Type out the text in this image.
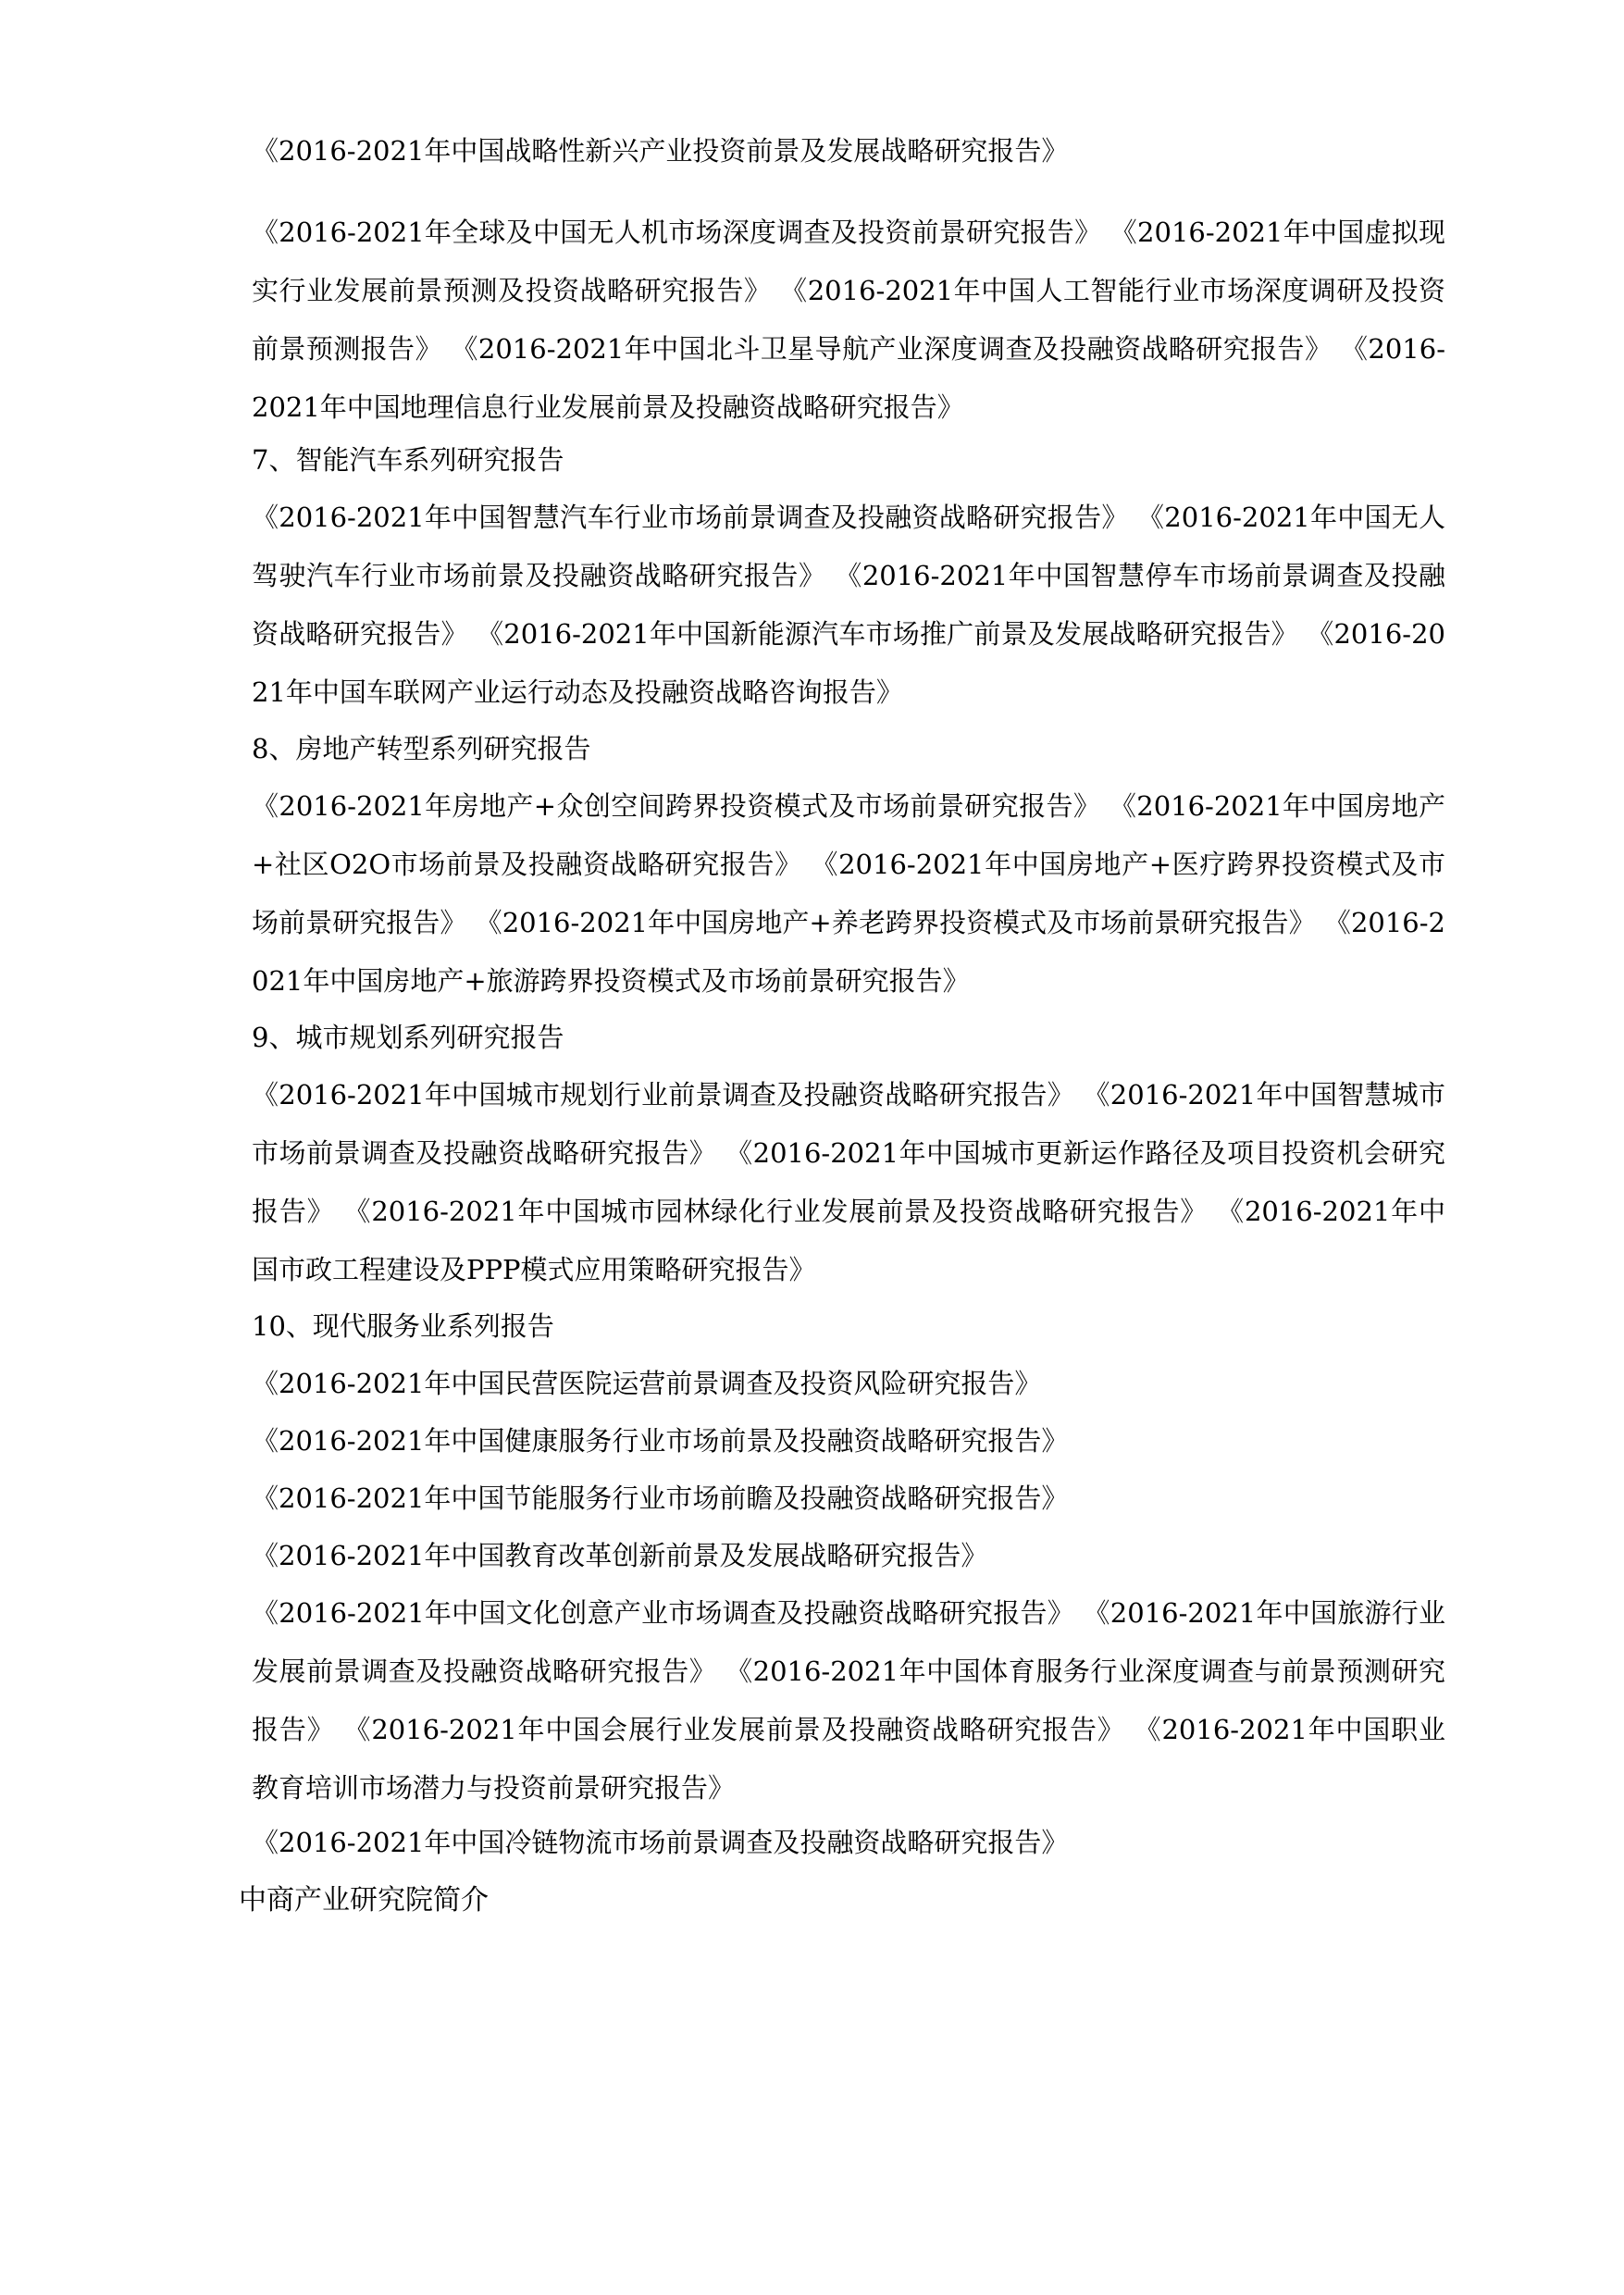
《2016-2021年中国战略性新兴产业投资前景及发展战略研究报告》

《2016-2021年全球及中国无人机市场深度调查及投资前景研究报告》 《2016-2021年中国虚拟现实行业发展前景预测及投资战略研究报告》 《2016-2021年中国人工智能行业市场深度调研及投资前景预测报告》 《2016-2021年中国北斗卫星导航产业深度调查及投融资战略研究报告》 《2016-2021年中国地理信息行业发展前景及投融资战略研究报告》

7、智能汽车系列研究报告

《2016-2021年中国智慧汽车行业市场前景调查及投融资战略研究报告》 《2016-2021年中国无人驾驶汽车行业市场前景及投融资战略研究报告》 《2016-2021年中国智慧停车市场前景调查及投融资战略研究报告》 《2016-2021年中国新能源汽车市场推广前景及发展战略研究报告》 《2016-2021年中国车联网产业运行动态及投融资战略咨询报告》

8、房地产转型系列研究报告

《2016-2021年房地产+众创空间跨界投资模式及市场前景研究报告》 《2016-2021年中国房地产+社区O2O市场前景及投融资战略研究报告》 《2016-2021年中国房地产+医疗跨界投资模式及市场前景研究报告》 《2016-2021年中国房地产+养老跨界投资模式及市场前景研究报告》 《2016-2021年中国房地产+旅游跨界投资模式及市场前景研究报告》

9、城市规划系列研究报告

《2016-2021年中国城市规划行业前景调查及投融资战略研究报告》 《2016-2021年中国智慧城市市场前景调查及投融资战略研究报告》 《2016-2021年中国城市更新运作路径及项目投资机会研究报告》 《2016-2021年中国城市园林绿化行业发展前景及投资战略研究报告》 《2016-2021年中国市政工程建设及PPP模式应用策略研究报告》

10、现代服务业系列报告

《2016-2021年中国民营医院运营前景调查及投资风险研究报告》

《2016-2021年中国健康服务行业市场前景及投融资战略研究报告》

《2016-2021年中国节能服务行业市场前瞻及投融资战略研究报告》

《2016-2021年中国教育改革创新前景及发展战略研究报告》

《2016-2021年中国文化创意产业市场调查及投融资战略研究报告》 《2016-2021年中国旅游行业发展前景调查及投融资战略研究报告》 《2016-2021年中国体育服务行业深度调查与前景预测研究报告》 《2016-2021年中国会展行业发展前景及投融资战略研究报告》 《2016-2021年中国职业教育培训市场潜力与投资前景研究报告》

《2016-2021年中国冷链物流市场前景调查及投融资战略研究报告》

中商产业研究院简介
